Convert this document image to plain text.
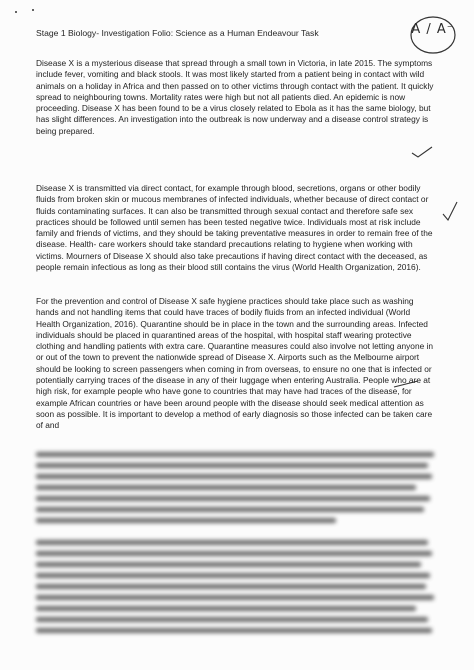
Stage 1 Biology- Investigation Folio: Science as a Human Endeavour Task	A / A⁻

Disease X is a mysterious disease that spread through a small town in Victoria, in late 2015. The symptoms include fever, vomiting and black stools. It was most likely started from a patient being in contact with wild animals on a holiday in Africa and then passed on to other victims through contact with the patient. It quickly spread to neighbouring towns. Mortality rates were high but not all patients died. An epidemic is now proceeding. Disease X has been found to be a virus closely related to Ebola as it has the same biology, but has slight differences. An investigation into the outbreak is now underway and a disease control strategy is being prepared.

Disease X is transmitted via direct contact, for example through blood, secretions, organs or other bodily fluids from broken skin or mucous membranes of infected individuals, whether because of direct contact or fluids contaminating surfaces. It can also be transmitted through sexual contact and therefore safe sex practices should be followed until semen has been tested negative twice. Individuals most at risk include family and friends of victims, and they should be taking preventative measures in order to remain free of the disease. Health- care workers should take standard precautions relating to hygiene when working with victims. Mourners of Disease X should also take precautions if having direct contact with the deceased, as people remain infectious as long as their blood still contains the virus (World Health Organization, 2016).

For the prevention and control of Disease X safe hygiene practices should take place such as washing hands and not handling items that could have traces of bodily fluids from an infected individual (World Health Organization, 2016). Quarantine should be in place in the town and the surrounding areas. Infected individuals should be placed in quarantined areas of the hospital, with hospital staff wearing protective clothing and handling patients with extra care. Quarantine measures could also involve not letting anyone in or out of the town to prevent the nationwide spread of Disease X. Airports such as the Melbourne airport should be looking to screen passengers when coming in from overseas, to ensure no one that is infected or potentially carrying traces of the disease in any of their luggage when entering Australia. People who are at high risk, for example people who have gone to countries that may have had traces of the disease, for example African countries or have been around people with the disease should seek medical attention as soon as possible. It is important to develop a method of early diagnosis so those infected can be taken care of and
